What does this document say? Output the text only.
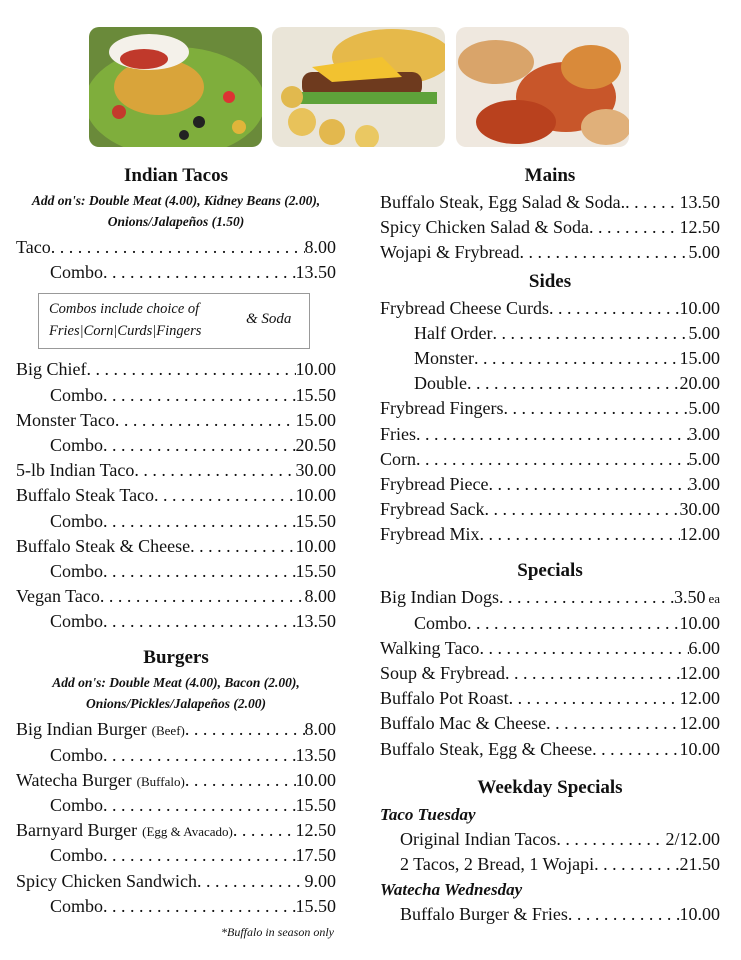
Indian Tacos
Add on's: Double Meat (4.00), Kidney Beans (2.00),
Onions/Jalapeños (1.50)
Taco . . .	8.00
Combo . . .	13.50
Combos include choice of
Fries|Corn|Curds|Fingers
& Soda
Big Chief . . .	10.00
Combo . . .	15.50
Monster Taco . . .	15.00
Combo . . .	20.50
5-lb Indian Taco . . .	30.00
Buffalo Steak Taco . . .	10.00
Combo . . .	15.50
Buffalo Steak & Cheese . . .	10.00
Combo . . .	15.50
Vegan Taco . . .	8.00
Combo . . .	13.50
Burgers
Add on's: Double Meat (4.00), Bacon (2.00),
Onions/Pickles/Jalapeños (2.00)
Big Indian Burger (Beef) . . .	8.00
Combo . . .	13.50
Watecha Burger (Buffalo) . . .	10.00
Combo . . .	15.50
Barnyard Burger (Egg & Avacado) . . .	12.50
Combo . . .	17.50
Spicy Chicken Sandwich . . .	9.00
Combo . . .	15.50
*Buffalo in season only
Mains
Buffalo Steak, Egg Salad & Soda. . . .	13.50
Spicy Chicken Salad & Soda . . .	12.50
Wojapi & Frybread . . .	5.00
Sides
Frybread Cheese Curds . . .	10.00
Half Order . . .	5.00
Monster . . .	15.00
Double . . .	20.00
Frybread Fingers . . .	5.00
Fries . . .	3.00
Corn . . .	5.00
Frybread Piece . . .	3.00
Frybread Sack . . .	30.00
Frybread Mix . . .	12.00
Specials
Big Indian Dogs . . .	3.50 ea
Combo . . .	10.00
Walking Taco . . .	6.00
Soup & Frybread . . .	12.00
Buffalo Pot Roast . . .	12.00
Buffalo Mac & Cheese . . .	12.00
Buffalo Steak, Egg & Cheese . . .	10.00
Weekday Specials
Taco Tuesday
Original Indian Tacos . . .	2/12.00
2 Tacos, 2 Bread, 1 Wojapi . . .	21.50
Watecha Wednesday
Buffalo Burger & Fries . . .	10.00
